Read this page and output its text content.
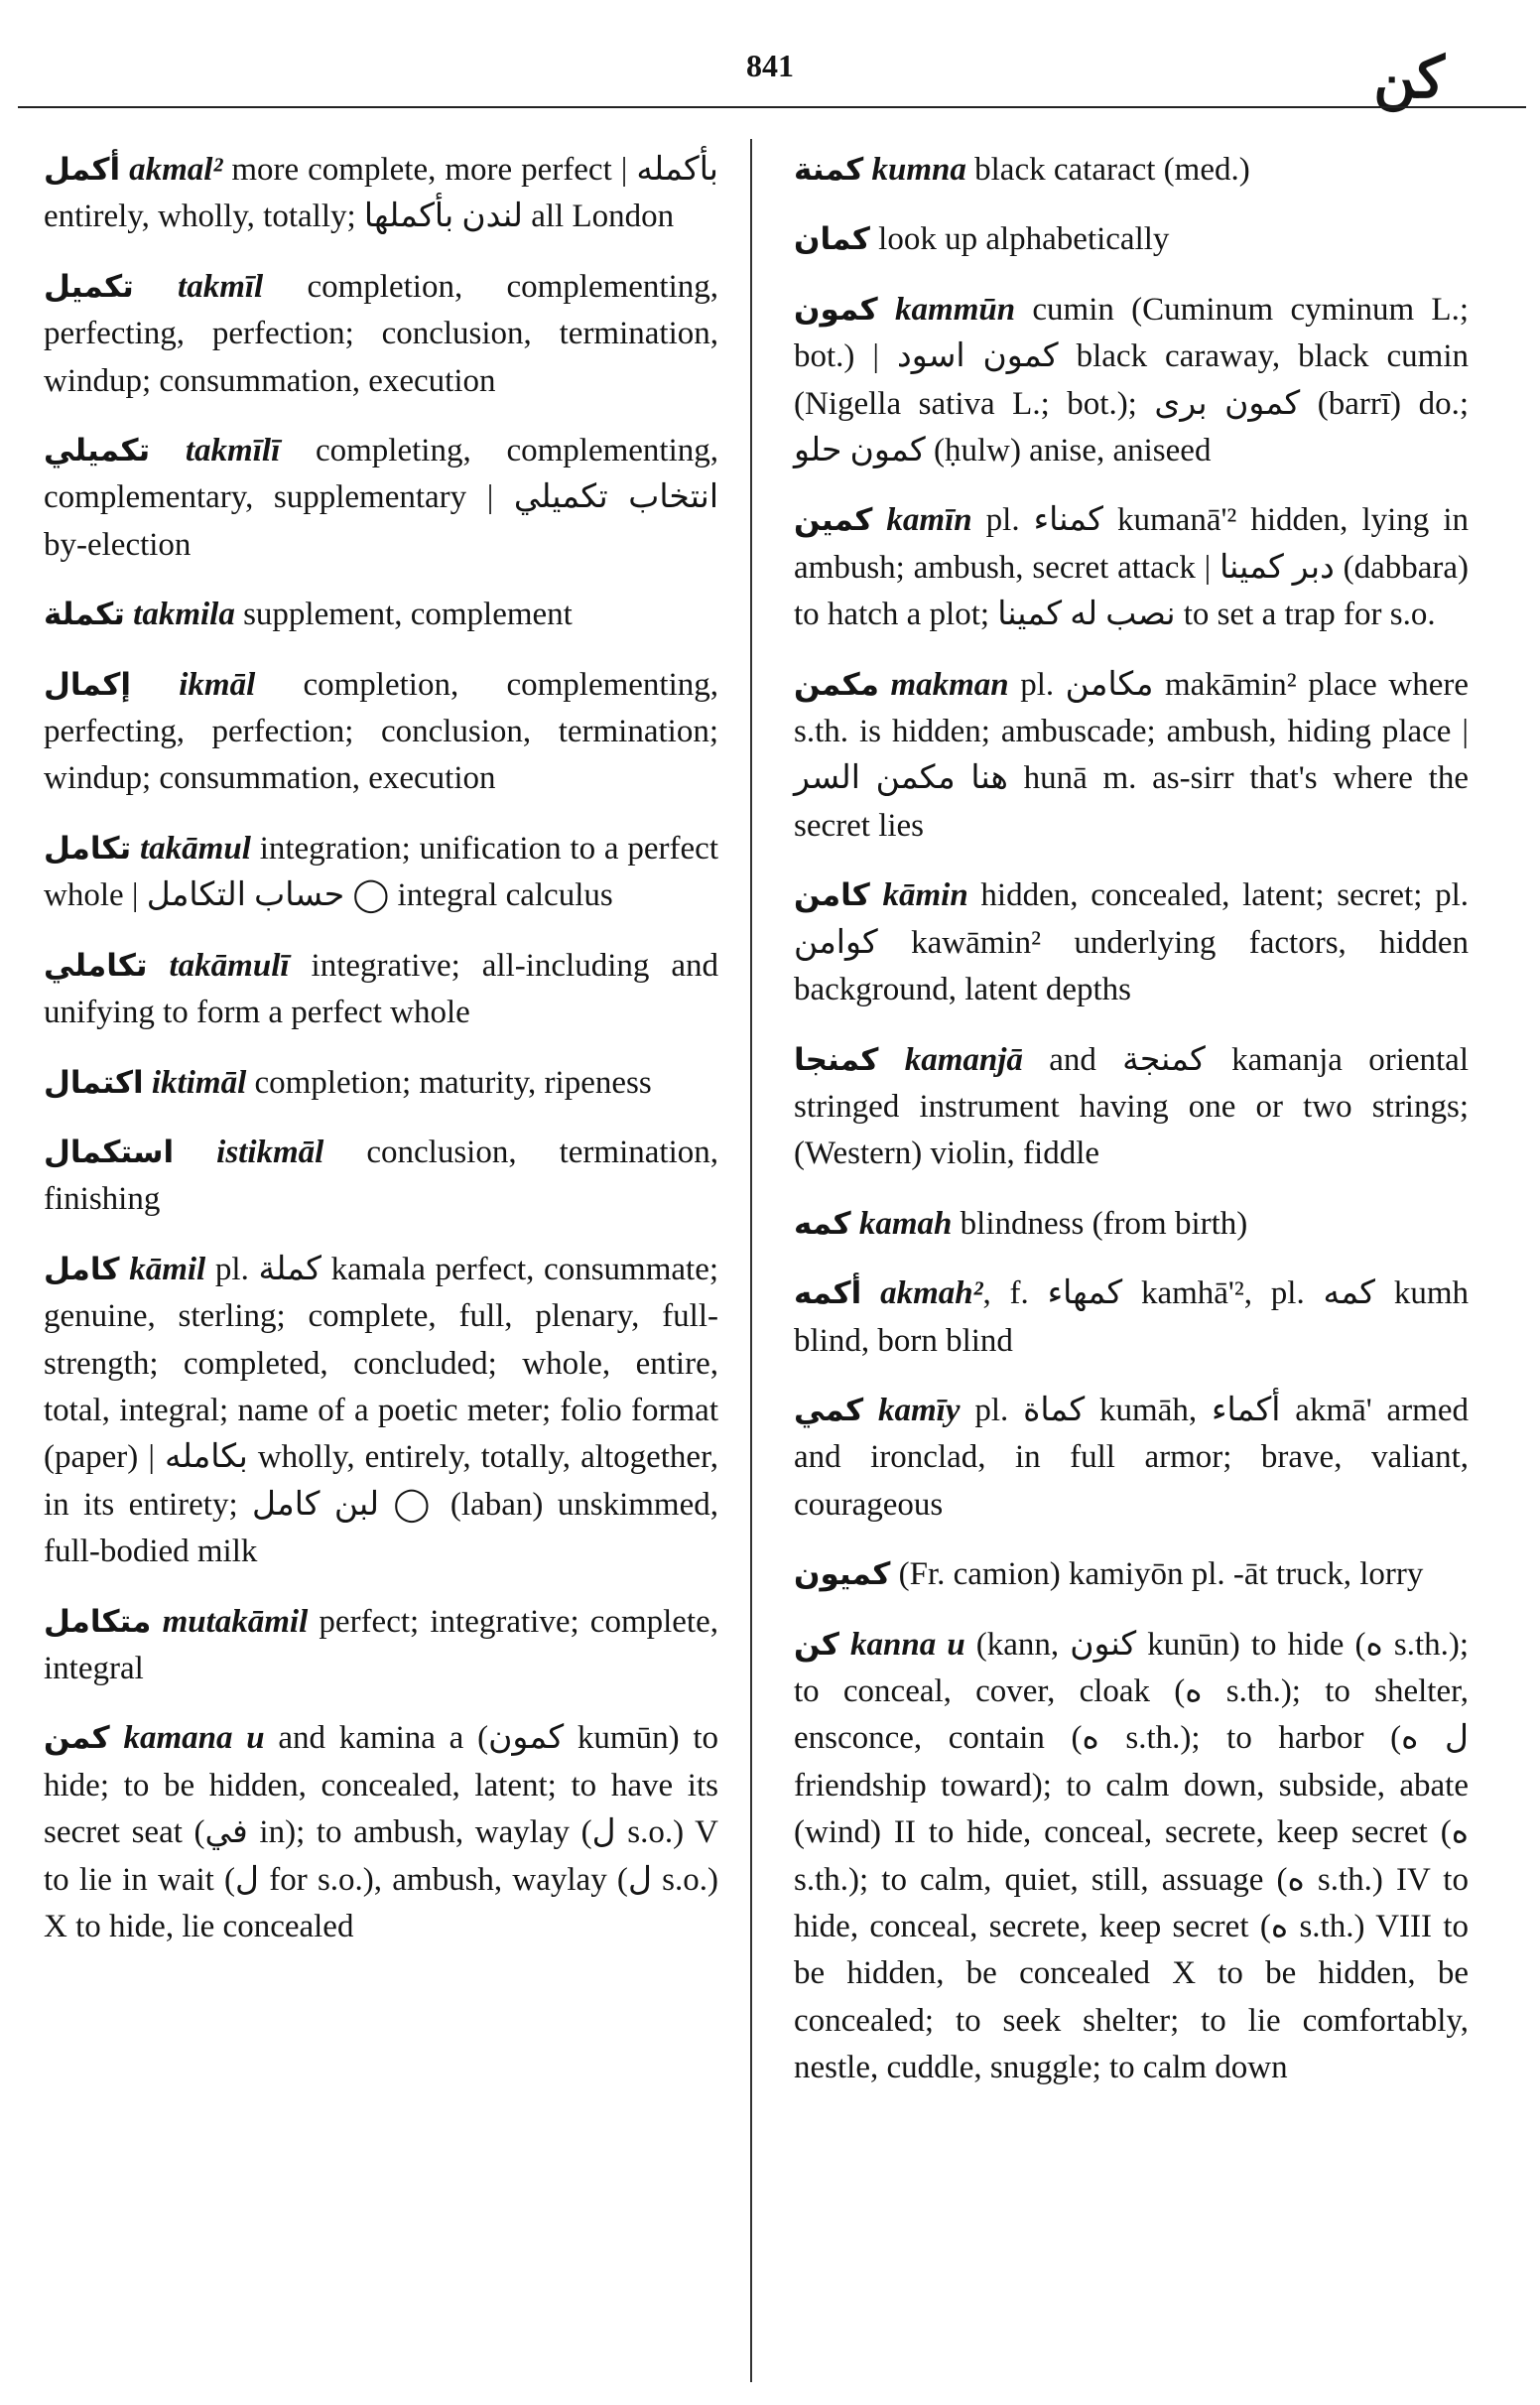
841	كن

أكمل akmal² more complete, more perfect | بأكمله entirely, wholly, totally; لندن بأكملها all London

تكميل takmīl completion, complementing, perfecting, perfection; conclusion, termination, windup; consummation, execution

تكميلي takmīlī completing, complementing, complementary, supplementary | انتخاب تكميلي by-election

تكملة takmila supplement, complement

إكمال ikmāl completion, complementing, perfecting, perfection; conclusion, termination; windup; consummation, execution

تكامل takāmul integration; unification to a perfect whole | حساب التكامل ◯ integral calculus

تكاملي takāmulī integrative; all-including and unifying to form a perfect whole

اكتمال iktimāl completion; maturity, ripeness

استكمال istikmāl conclusion, termination, finishing

كامل kāmil pl. كملة kamala perfect, consummate; genuine, sterling; complete, full, plenary, full-strength; completed, concluded; whole, entire, total, integral; name of a poetic meter; folio format (paper) | بكامله wholly, entirely, totally, altogether, in its entirety; لبن كامل ◯ (laban) unskimmed, full-bodied milk

متكامل mutakāmil perfect; integrative; complete, integral

كمن kamana u and kamina a (كمون kumūn) to hide; to be hidden, concealed, latent; to have its secret seat (في in); to ambush, waylay (ل s.o.) V to lie in wait (ل for s.o.), ambush, waylay (ل s.o.) X to hide, lie concealed

كمنة kumna black cataract (med.)

كمان look up alphabetically

كمون kammūn cumin (Cuminum cyminum L.; bot.) | كمون اسود black caraway, black cumin (Nigella sativa L.; bot.); كمون برى (barrī) do.; كمون حلو (ḥulw) anise, aniseed

كمين kamīn pl. كمناء kumanā'² hidden, lying in ambush; ambush, secret attack | دبر كمينا (dabbara) to hatch a plot; نصب له كمينا to set a trap for s.o.

مكمن makman pl. مكامن makāmin² place where s.th. is hidden; ambuscade; ambush, hiding place | هنا مكمن السر hunā m. as-sirr that's where the secret lies

كامن kāmin hidden, concealed, latent; secret; pl. كوامن kawāmin² underlying factors, hidden background, latent depths

كمنجا kamanjā and كمنجة kamanja oriental stringed instrument having one or two strings; (Western) violin, fiddle

كمه kamah blindness (from birth)

أكمه akmah², f. كمهاء kamhā'², pl. كمه kumh blind, born blind

كمي kamīy pl. كماة kumāh, أكماء akmā' armed and ironclad, in full armor; brave, valiant, courageous

كميون (Fr. camion) kamiyōn pl. -āt truck, lorry

كن kanna u (kann, كنون kunūn) to hide (ه s.th.); to conceal, cover, cloak (ه s.th.); to shelter, ensconce, contain (ه s.th.); to harbor (ل ه friendship toward); to calm down, subside, abate (wind) II to hide, conceal, secrete, keep secret (ه s.th.); to calm, quiet, still, assuage (ه s.th.) IV to hide, conceal, secrete, keep secret (ه s.th.) VIII to be hidden, be concealed X to be hidden, be concealed; to seek shelter; to lie comfortably, nestle, cuddle, snuggle; to calm down
